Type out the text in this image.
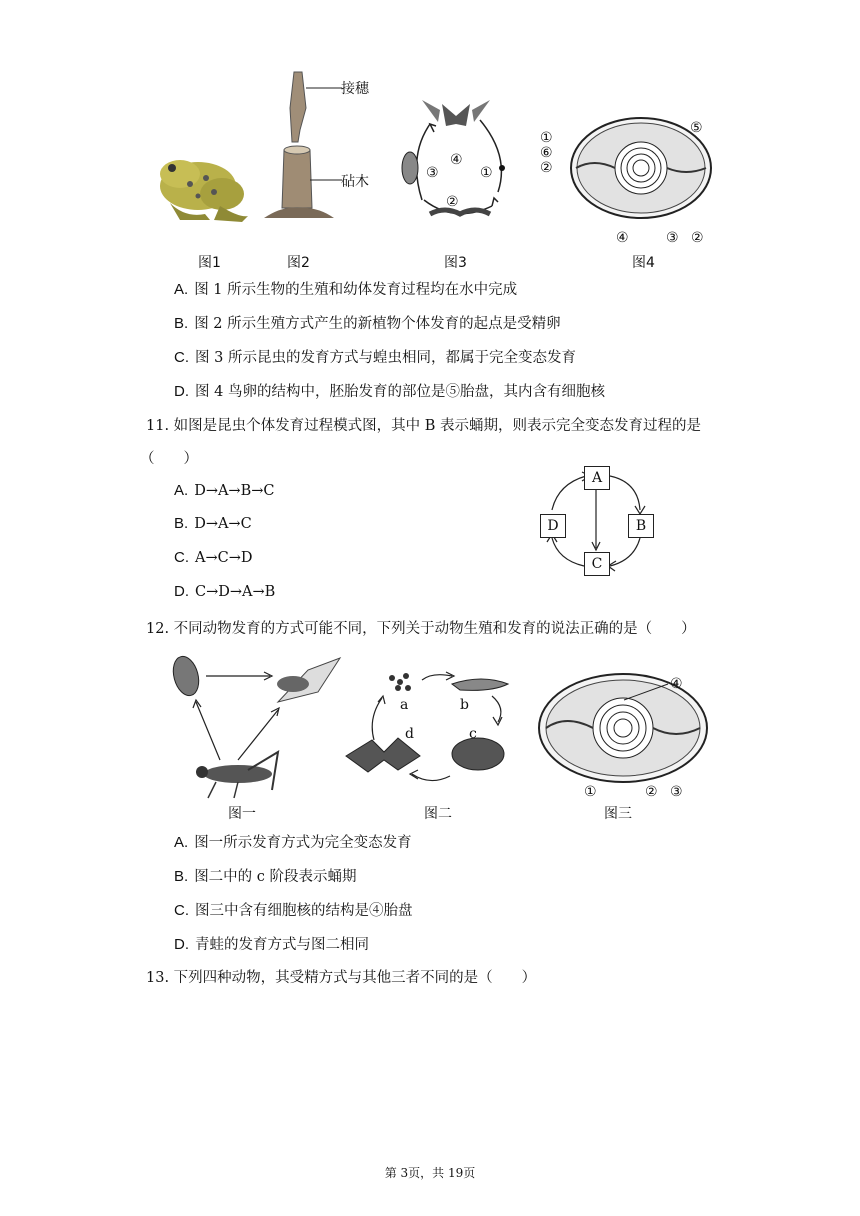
接穗
砧木
①
②
③
④
①
⑥
②
⑤
④	③ ②
图1	图2	图3	图4
A. 图 1 所示生物的生殖和幼体发育过程均在水中完成
B. 图 2 所示生殖方式产生的新植物个体发育的起点是受精卵
C. 图 3 所示昆虫的发育方式与蝗虫相同，都属于完全变态发育
D. 图 4 鸟卵的结构中，胚胎发育的部位是⑤胎盘，其内含有细胞核
11. 如图是昆虫个体发育过程模式图，其中 B 表示蛹期，则表示完全变态发育过程的是
（　　）
A. D→A→B→C
B. D→A→C
C. A→C→D
D. C→D→A→B
A
B
C
D
12. 不同动物发育的方式可能不同，下列关于动物生殖和发育的说法正确的是（　　）
a	b
c
d
④
①	② ③
图一	图二	图三
A. 图一所示发育方式为完全变态发育
B. 图二中的 c 阶段表示蛹期
C. 图三中含有细胞核的结构是④胎盘
D. 青蛙的发育方式与图二相同
13. 下列四种动物，其受精方式与其他三者不同的是（　　）
第 3页，共 19页
